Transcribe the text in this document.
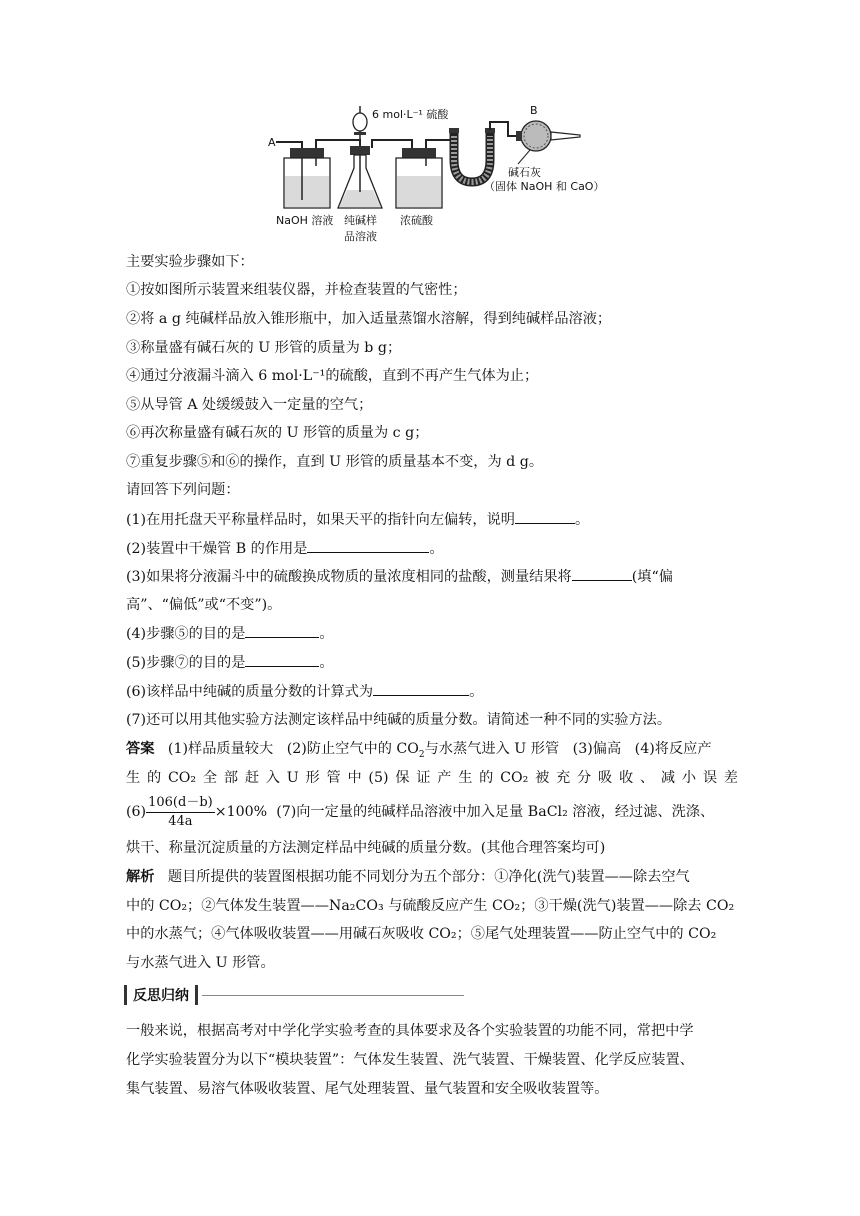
A
6 mol·L⁻¹ 硫酸	B
碱石灰
（固体 NaOH 和 CaO）
NaOH 溶液 纯碱样
品溶液
浓硫酸
主要实验步骤如下：
①按如图所示装置来组装仪器，并检查装置的气密性；
②将 a g 纯碱样品放入锥形瓶中，加入适量蒸馏水溶解，得到纯碱样品溶液；
③称量盛有碱石灰的 U 形管的质量为 b g；
④通过分液漏斗滴入 6 mol·L⁻¹的硫酸，直到不再产生气体为止；
⑤从导管 A 处缓缓鼓入一定量的空气；
⑥再次称量盛有碱石灰的 U 形管的质量为 c g；
⑦重复步骤⑤和⑥的操作，直到 U 形管的质量基本不变，为 d g。
请回答下列问题：
(1)在用托盘天平称量样品时，如果天平的指针向左偏转，说明	。
(2)装置中干燥管 B 的作用是	。
(3)如果将分液漏斗中的硫酸换成物质的量浓度相同的盐酸，测量结果将	(填“偏
高”、“偏低”或“不变”)。
(4)步骤⑤的目的是	。
(5)步骤⑦的目的是	。
(6)该样品中纯碱的质量分数的计算式为	。
(7)还可以用其他实验方法测定该样品中纯碱的质量分数。请简述一种不同的实验方法。
答案 (1)样品质量较大 (2)防止空气中的 $CO_2$与水蒸气进入 U 形管 (3)偏高 (4)将反应产
生 的 CO₂ 全 部 赶 入 U 形 管 中 (5) 保 证 产 生 的 CO₂ 被 充 分 吸 收 、 减 小 误 差
$(6) \frac{106(d-b)}{44a} \times 100\%$ (7)向一定量的纯碱样品溶液中加入足量 BaCl₂ 溶液，经过滤、洗涤、
烘干、称量沉淀质量的方法测定样品中纯碱的质量分数。(其他合理答案均可)
解析 题目所提供的装置图根据功能不同划分为五个部分：①净化(洗气)装置——除去空气
中的 CO₂；②气体发生装置——Na₂CO₃ 与硫酸反应产生 CO₂；③干燥(洗气)装置——除去 CO₂
中的水蒸气；④气体吸收装置——用碱石灰吸收 CO₂；⑤尾气处理装置——防止空气中的 CO₂
与水蒸气进入 U 形管。
反思归纳
一般来说，根据高考对中学化学实验考查的具体要求及各个实验装置的功能不同，常把中学
化学实验装置分为以下“模块装置”：气体发生装置、洗气装置、干燥装置、化学反应装置、
集气装置、易溶气体吸收装置、尾气处理装置、量气装置和安全吸收装置等。
